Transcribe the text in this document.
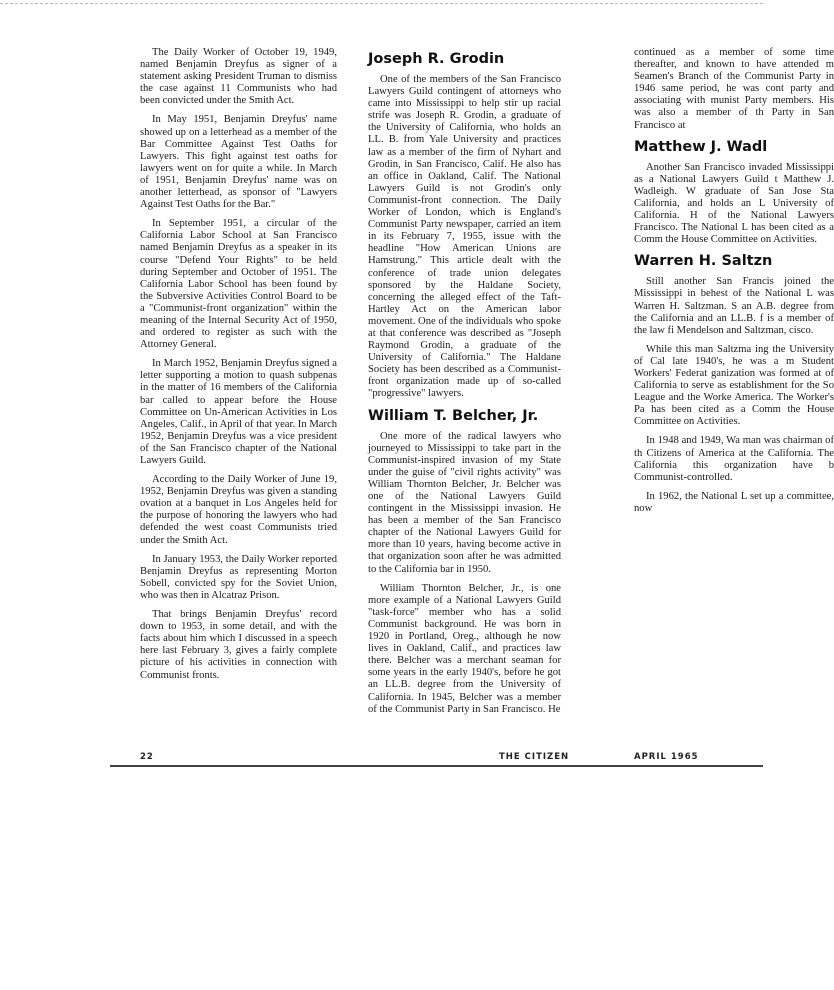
The Daily Worker of October 19, 1949, named Benjamin Dreyfus as signer of a statement asking President Truman to dismiss the case against 11 Communists who had been convicted under the Smith Act.

In May 1951, Benjamin Dreyfus' name showed up on a letterhead as a member of the Bar Committee Against Test Oaths for Lawyers. This fight against test oaths for lawyers went on for quite a while. In March of 1951, Benjamin Dreyfus' name was on another letterhead, as sponsor of "Lawyers Against Test Oaths for the Bar."

In September 1951, a circular of the California Labor School at San Francisco named Benjamin Dreyfus as a speaker in its course "Defend Your Rights" to be held during September and October of 1951. The California Labor School has been found by the Subversive Activities Control Board to be a "Communist-front organization" within the meaning of the Internal Security Act of 1950, and ordered to register as such with the Attorney General.

In March 1952, Benjamin Dreyfus signed a letter supporting a motion to quash subpenas in the matter of 16 members of the California bar called to appear before the House Committee on Un-American Activities in Los Angeles, Calif., in April of that year. In March 1952, Benjamin Dreyfus was a vice president of the San Francisco chapter of the National Lawyers Guild.

According to the Daily Worker of June 19, 1952, Benjamin Dreyfus was given a standing ovation at a banquet in Los Angeles held for the purpose of honoring the lawyers who had defended the west coast Communists tried under the Smith Act.

In January 1953, the Daily Worker reported Benjamin Dreyfus as representing Morton Sobell, convicted spy for the Soviet Union, who was then in Alcatraz Prison.

That brings Benjamin Dreyfus' record down to 1953, in some detail, and with the facts about him which I discussed in a speech here last February 3, gives a fairly complete picture of his activities in connection with Communist fronts.

Joseph R. Grodin

One of the members of the San Francisco Lawyers Guild contingent of attorneys who came into Mississippi to help stir up racial strife was Joseph R. Grodin, a graduate of the University of California, who holds an LL. B. from Yale University and practices law as a member of the firm of Nyhart and Grodin, in San Francisco, Calif. He also has an office in Oakland, Calif. The National Lawyers Guild is not Grodin's only Communist-front connection. The Daily Worker of London, which is England's Communist Party newspaper, carried an item in its February 7, 1955, issue with the headline "How American Unions are Hamstrung." This article dealt with the conference of trade union delegates sponsored by the Haldane Society, concerning the alleged effect of the Taft-Hartley Act on the American labor movement. One of the individuals who spoke at that conference was described as "Joseph Raymond Grodin, a graduate of the University of California." The Haldane Society has been described as a Communist-front organization made up of so-called "progressive" lawyers.

William T. Belcher, Jr.

One more of the radical lawyers who journeyed to Mississippi to take part in the Communist-inspired invasion of my State under the guise of "civil rights activity" was William Thornton Belcher, Jr. Belcher was one of the National Lawyers Guild contingent in the Mississippi invasion. He has been a member of the San Francisco chapter of the National Lawyers Guild for more than 10 years, having become active in that organization soon after he was admitted to the California bar in 1950.

William Thornton Belcher, Jr., is one more example of a National Lawyers Guild "task-force" member who has a solid Communist background. He was born in 1920 in Portland, Oreg., although he now lives in Oakland, Calif., and practices law there. Belcher was a merchant seaman for some years in the early 1940's, before he got an LL.B. degree from the University of California. In 1945, Belcher was a member of the Communist Party in San Francisco. He

continued as a member of some time thereafter, and known to have attended m Seamen's Branch of the Communist Party in 1946 same period, he was cont party and associating with munist Party members. His was also a member of th Party in San Francisco at

Matthew J. Wadl

Another San Francisco invaded Mississippi as a National Lawyers Guild t Matthew J. Wadleigh. W graduate of San Jose Sta California, and holds an L University of California. H of the National Lawyers Francisco. The National L has been cited as a Comm the House Committee on Activities.

Warren H. Saltzn

Still another San Francis joined the Mississippi in behest of the National L was Warren H. Saltzman. S an A.B. degree from the California and an LL.B. f is a member of the law fi Mendelson and Saltzman, cisco.

While this man Saltzma ing the University of Cal late 1940's, he was a m Student Workers' Federat ganization was formed at of California to serve as establishment for the So League and the Worke America. The Worker's Pa has been cited as a Comm the House Committee on Activities.

In 1948 and 1949, Wa man was chairman of th Citizens of America at the California. The California this organization have b Communist-controlled.

In 1962, the National L set up a committee, now

22	THE CITIZEN	APRIL 1965
